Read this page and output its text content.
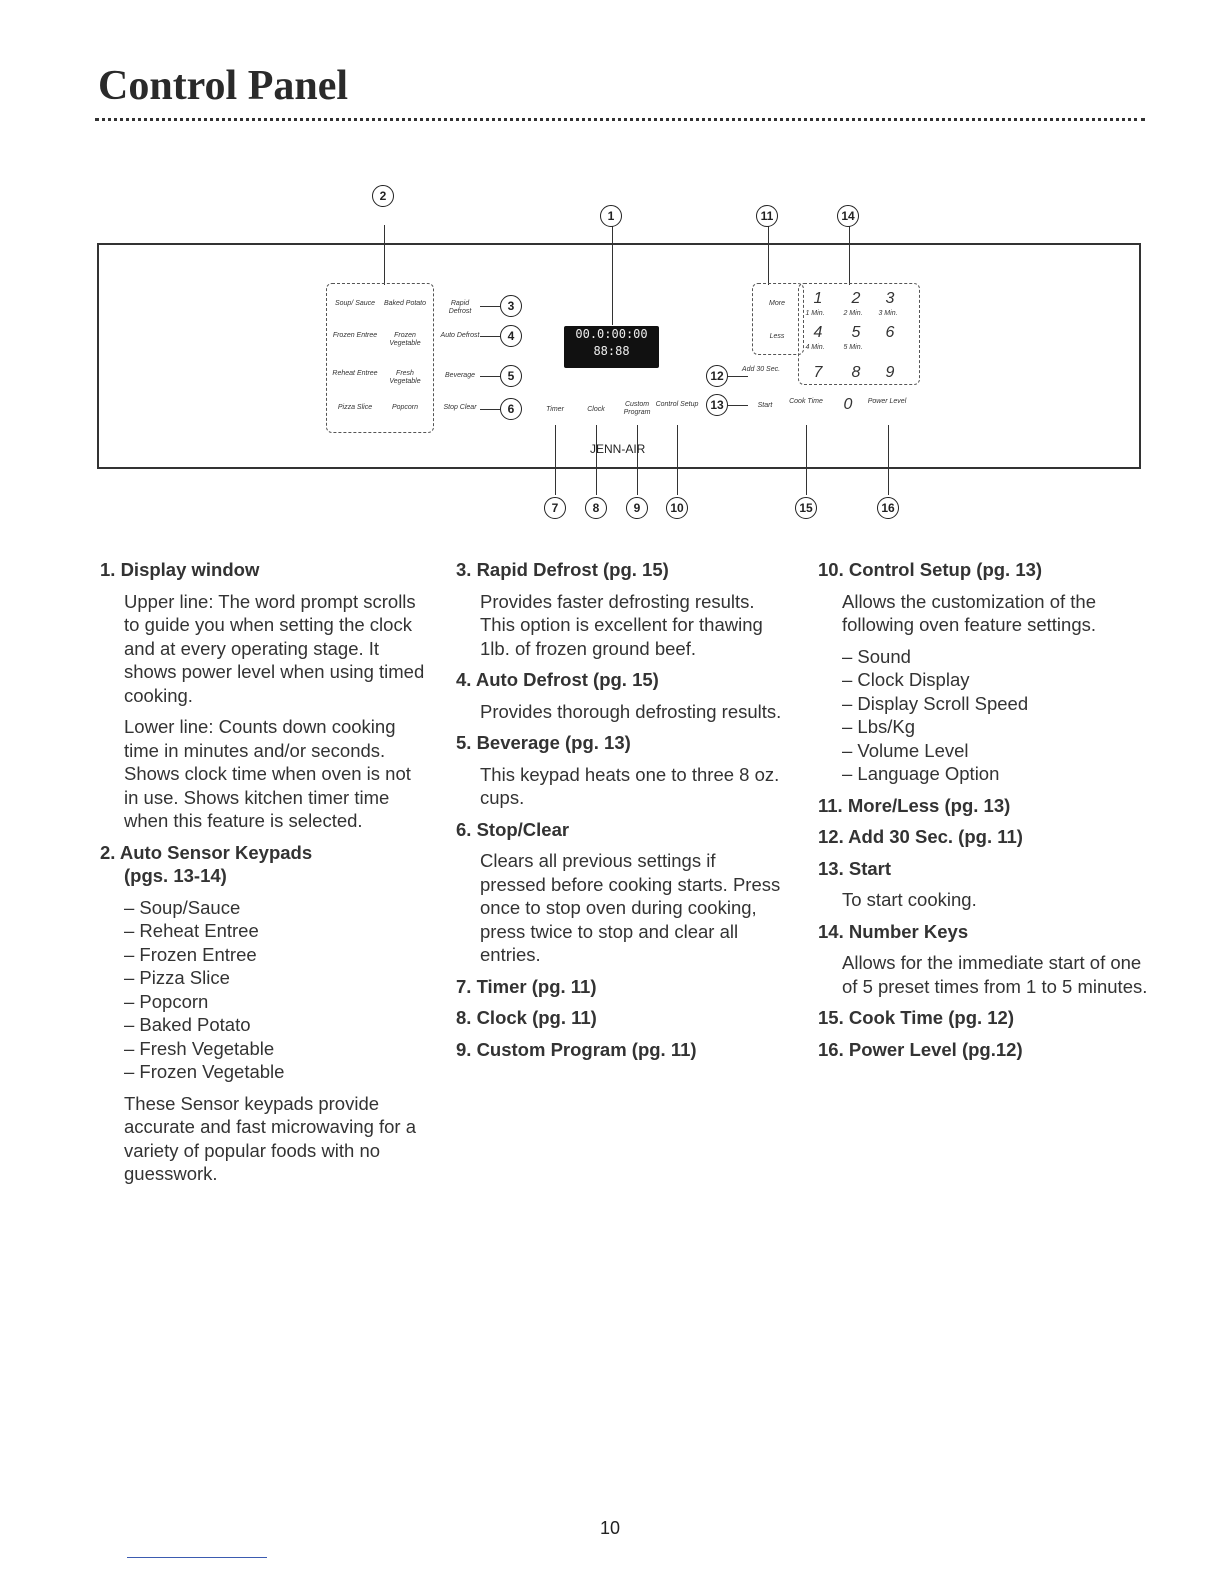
Control Panel
2
1	11	14
3
4
5
6
12
13
7	8	9	10	15	16
Soup/ Sauce	Baked Potato
Frozen Entree	Frozen Vegetable
Reheat Entree	Fresh Vegetable
Pizza Slice	Popcorn
Rapid Defrost
Auto Defrost
Beverage
Stop Clear
00.0:00:00
88:88
Timer	Clock
Custom Program
Control Setup
JENN-AIR
More
Less
Add 30 Sec.
Start
Cook Time	Power Level
1	2	3
4	5	6
7	8	9
0
1 Min.	2 Min.	3 Min.
4 Min.	5 Min.
1. Display window
Upper line: The word prompt scrolls to guide you when setting the clock and at every operating stage. It shows power level when using timed cooking.
Lower line: Counts down cooking time in minutes and/or seconds. Shows clock time when oven is not in use. Shows kitchen timer time when this feature is selected.
2. Auto Sensor Keypads
(pgs. 13-14)
– Soup/Sauce
– Reheat Entree
– Frozen Entree
– Pizza Slice
– Popcorn
– Baked Potato
– Fresh Vegetable
– Frozen Vegetable
These Sensor keypads provide accurate and fast microwaving for a variety of popular foods with no guesswork.
3. Rapid Defrost (pg. 15)
Provides faster defrosting results. This option is excellent for thawing 1lb. of frozen ground beef.
4. Auto Defrost (pg. 15)
Provides thorough defrosting results.
5. Beverage (pg. 13)
This keypad heats one to three 8 oz. cups.
6. Stop/Clear
Clears all previous settings if pressed before cooking starts. Press once to stop oven during cooking, press twice to stop and clear all entries.
7. Timer (pg. 11)
8. Clock (pg. 11)
9. Custom Program (pg. 11)
10. Control Setup (pg. 13)
Allows the customization of the following oven feature settings.
– Sound
– Clock Display
– Display Scroll Speed
– Lbs/Kg
– Volume Level
– Language Option
11. More/Less (pg. 13)
12. Add 30 Sec. (pg. 11)
13. Start
To start cooking.
14. Number Keys
Allows for the immediate start of one of 5 preset times from 1 to 5 minutes.
15. Cook Time (pg. 12)
16. Power Level (pg.12)
10
